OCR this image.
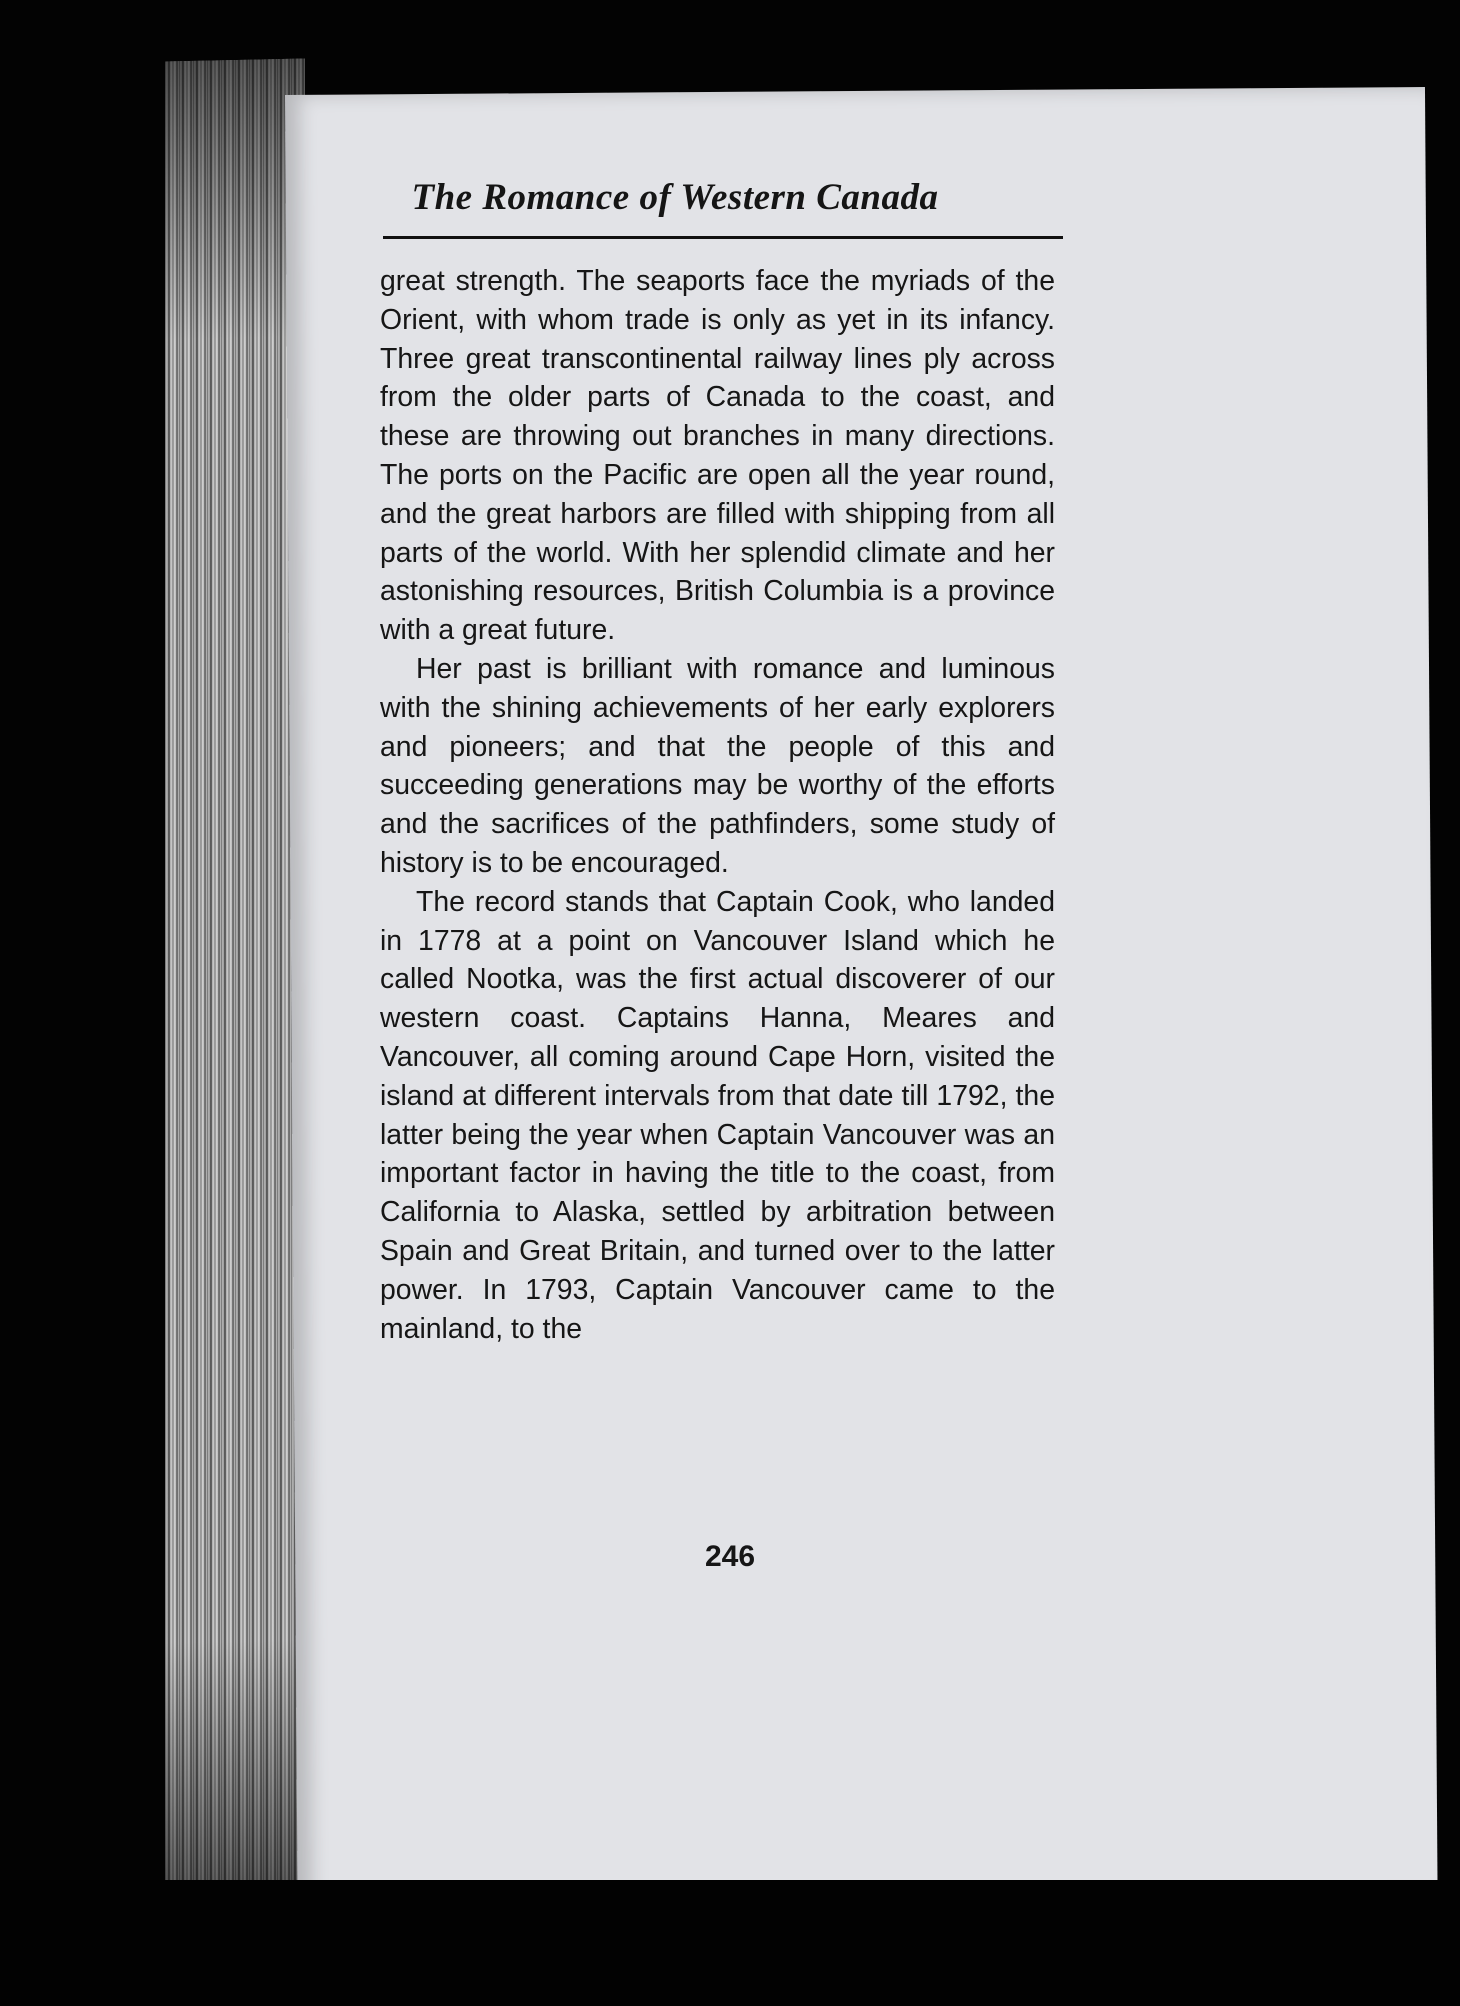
The Romance of Western Canada

great strength. The seaports face the myriads of the Orient, with whom trade is only as yet in its infancy. Three great transcontinental railway lines ply across from the older parts of Canada to the coast, and these are throwing out branches in many directions. The ports on the Pacific are open all the year round, and the great harbors are filled with shipping from all parts of the world. With her splendid climate and her astonishing resources, British Columbia is a province with a great future.

Her past is brilliant with romance and luminous with the shining achievements of her early explorers and pioneers; and that the people of this and succeeding generations may be worthy of the efforts and the sacrifices of the pathfinders, some study of history is to be encouraged.

The record stands that Captain Cook, who landed in 1778 at a point on Vancouver Island which he called Nootka, was the first actual discoverer of our western coast. Captains Hanna, Meares and Vancouver, all coming around Cape Horn, visited the island at different intervals from that date till 1792, the latter being the year when Captain Vancouver was an important factor in having the title to the coast, from California to Alaska, settled by arbitration between Spain and Great Britain, and turned over to the latter power. In 1793, Captain Vancouver came to the mainland, to the

246
